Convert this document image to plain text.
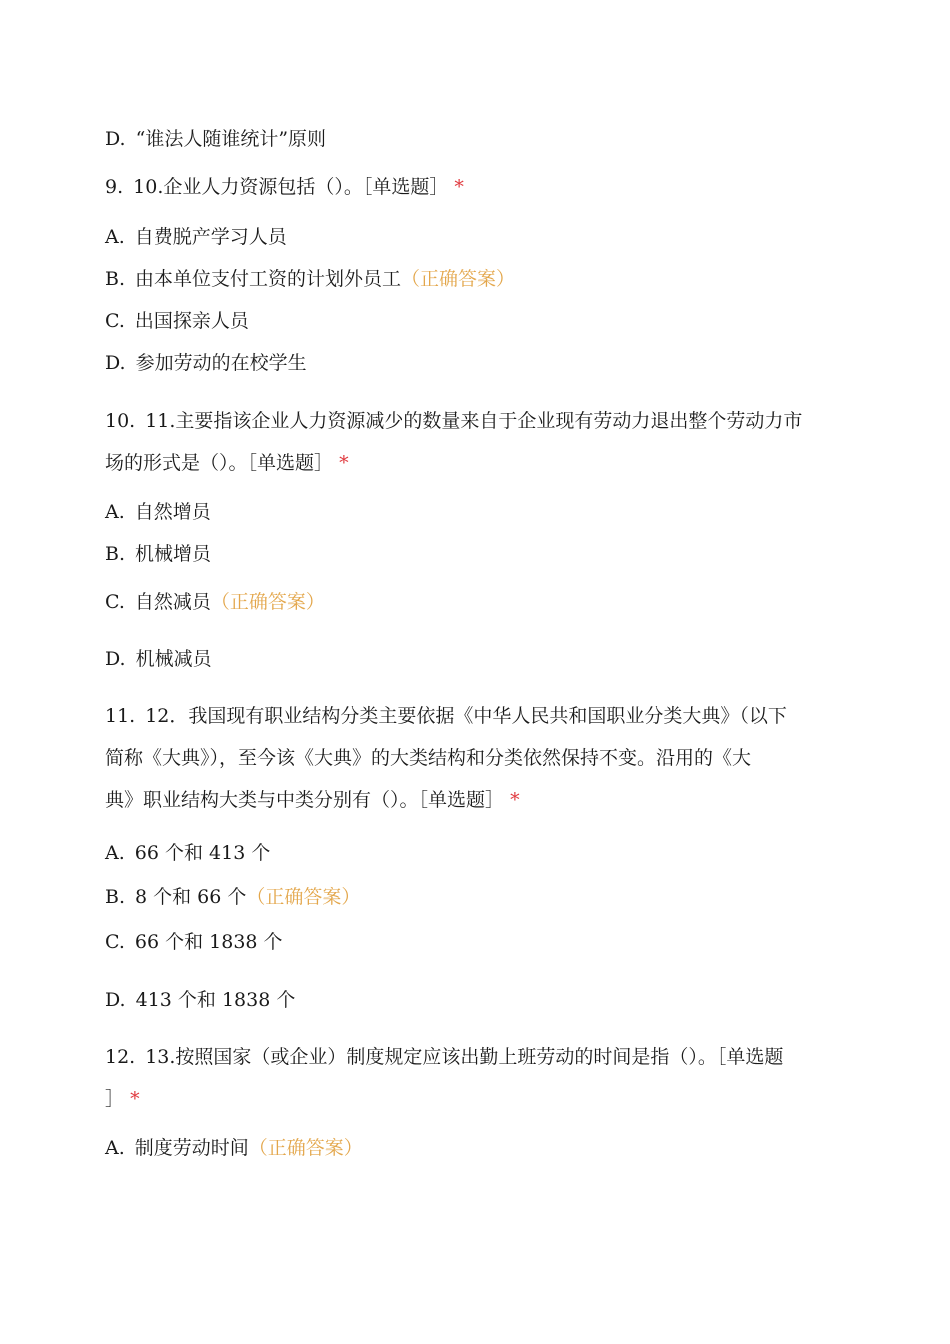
D. “谁法人随谁统计”原则
9. 10.企业人力资源包括（）。［单选题］ *
A. 自费脱产学习人员
B. 由本单位支付工资的计划外员工（正确答案）
C. 出国探亲人员
D. 参加劳动的在校学生
10. 11.主要指该企业人力资源减少的数量来自于企业现有劳动力退出整个劳动力市
场的形式是（）。［单选题］ *
A. 自然增员
B. 机械增员
C. 自然减员（正确答案）
D. 机械减员
11. 12．我国现有职业结构分类主要依据《中华人民共和国职业分类大典》（以下
简称《大典》），至今该《大典》的大类结构和分类依然保持不变。沿用的《大
典》职业结构大类与中类分别有（）。［单选题］ *
A. 66 个和 413 个
B. 8 个和 66 个（正确答案）
C. 66 个和 1838 个
D. 413 个和 1838 个
12. 13.按照国家（或企业）制度规定应该出勤上班劳动的时间是指（）。［单选题
］ *
A. 制度劳动时间（正确答案）
